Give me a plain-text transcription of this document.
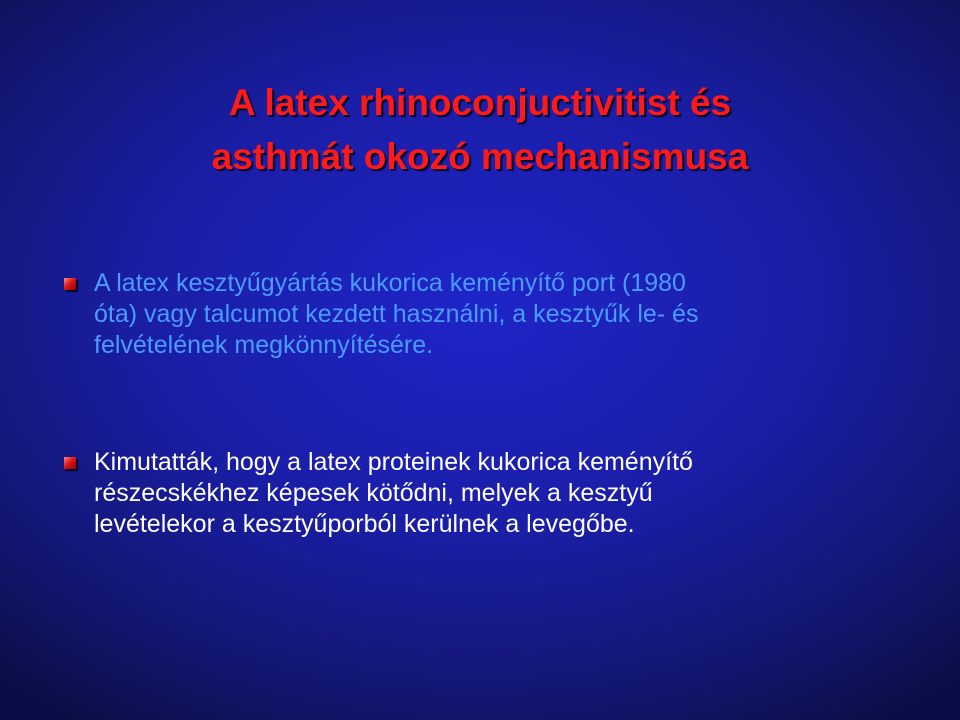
A latex rhinoconjuctivitist és
asthmát okozó mechanismusa
A latex kesztyűgyártás kukorica keményítő port (1980
óta) vagy talcumot kezdett használni, a kesztyűk le- és
felvételének megkönnyítésére.
Kimutatták, hogy a latex proteinek kukorica keményítő
részecskékhez képesek kötődni, melyek a kesztyű
levételekor a kesztyűporból kerülnek a levegőbe.
